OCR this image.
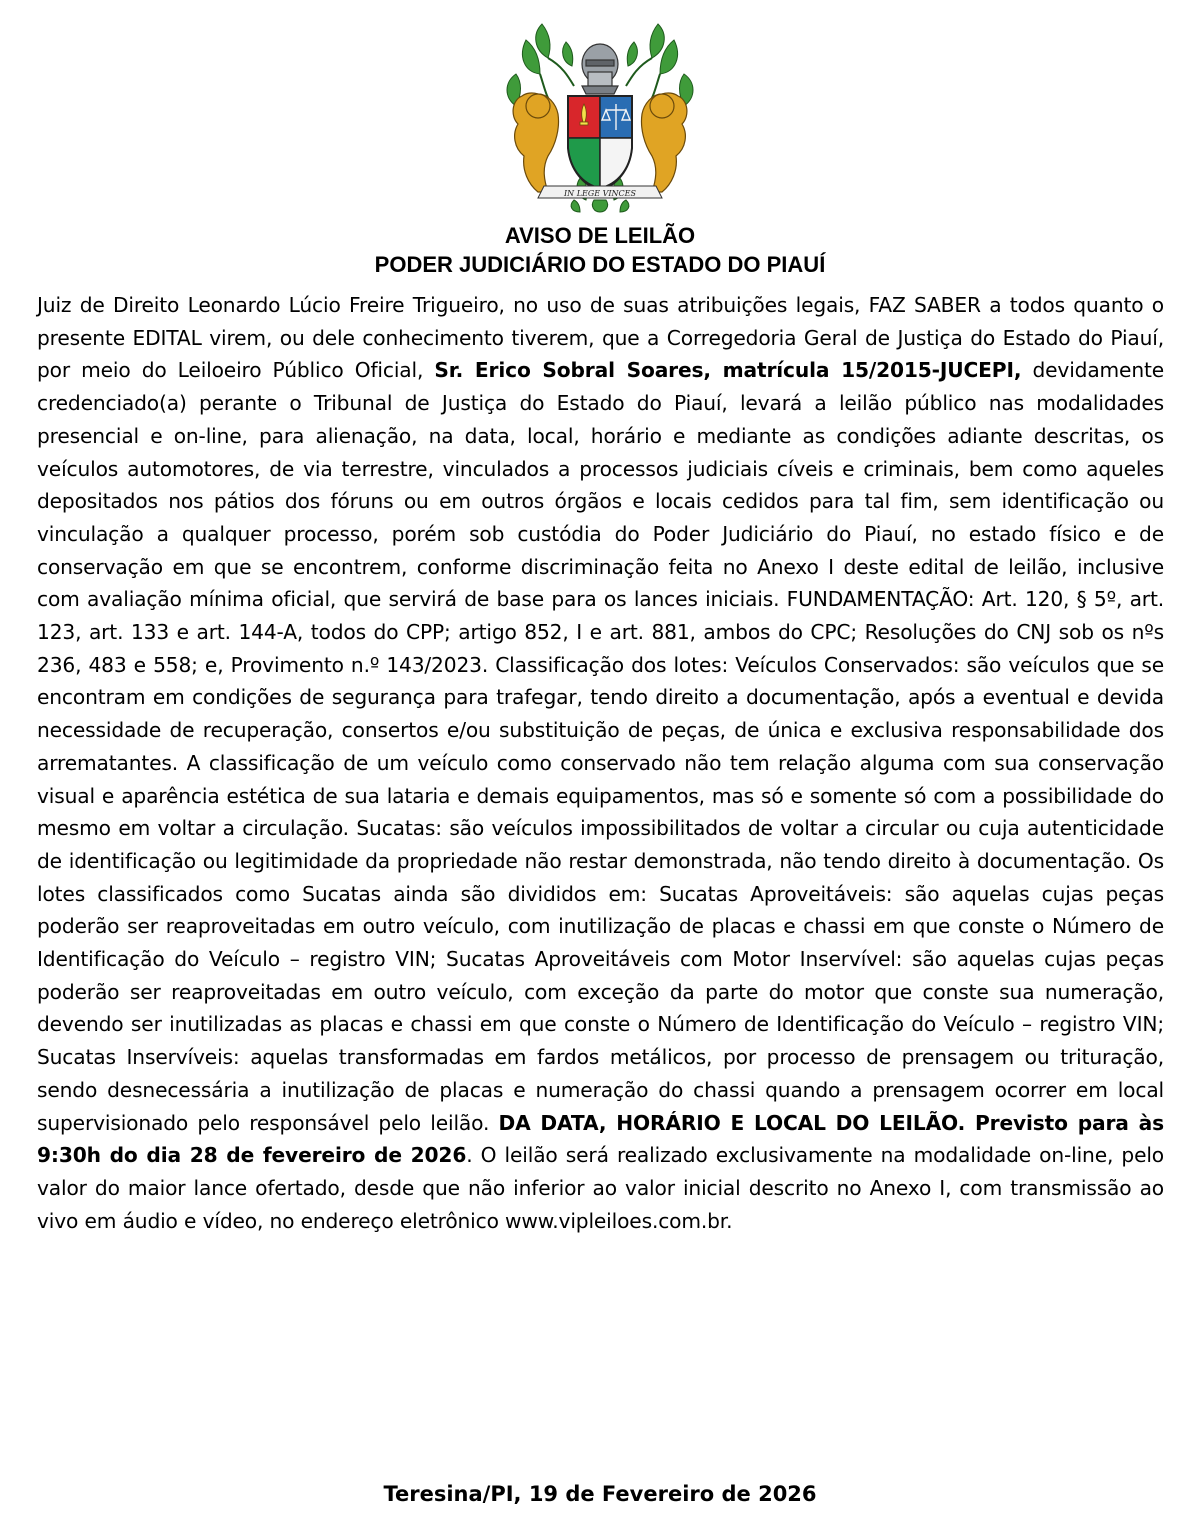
IN LEGE VINCES
AVISO DE LEILÃO
PODER JUDICIÁRIO DO ESTADO DO PIAUÍ
Juiz de Direito Leonardo Lúcio Freire Trigueiro, no uso de suas atribuições legais, FAZ SABER a todos quanto o presente EDITAL virem, ou dele conhecimento tiverem, que a Corregedoria Geral de Justiça do Estado do Piauí, por meio do Leiloeiro Público Oficial, Sr. Erico Sobral Soares, matrícula 15/2015-JUCEPI, devidamente credenciado(a) perante o Tribunal de Justiça do Estado do Piauí, levará a leilão público nas modalidades presencial e on-line, para alienação, na data, local, horário e mediante as condições adiante descritas, os veículos automotores, de via terrestre, vinculados a processos judiciais cíveis e criminais, bem como aqueles depositados nos pátios dos fóruns ou em outros órgãos e locais cedidos para tal fim, sem identificação ou vinculação a qualquer processo, porém sob custódia do Poder Judiciário do Piauí, no estado físico e de conservação em que se encontrem, conforme discriminação feita no Anexo I deste edital de leilão, inclusive com avaliação mínima oficial, que servirá de base para os lances iniciais. FUNDAMENTAÇÃO: Art. 120, § 5º, art. 123, art. 133 e art. 144-A, todos do CPP; artigo 852, I e art. 881, ambos do CPC; Resoluções do CNJ sob os nºs 236, 483 e 558; e, Provimento n.º 143/2023. Classificação dos lotes: Veículos Conservados: são veículos que se encontram em condições de segurança para trafegar, tendo direito a documentação, após a eventual e devida necessidade de recuperação, consertos e/ou substituição de peças, de única e exclusiva responsabilidade dos arrematantes. A classificação de um veículo como conservado não tem relação alguma com sua conservação visual e aparência estética de sua lataria e demais equipamentos, mas só e somente só com a possibilidade do mesmo em voltar a circulação. Sucatas: são veículos impossibilitados de voltar a circular ou cuja autenticidade de identificação ou legitimidade da propriedade não restar demonstrada, não tendo direito à documentação. Os lotes classificados como Sucatas ainda são divididos em: Sucatas Aproveitáveis: são aquelas cujas peças poderão ser reaproveitadas em outro veículo, com inutilização de placas e chassi em que conste o Número de Identificação do Veículo – registro VIN; Sucatas Aproveitáveis com Motor Inservível: são aquelas cujas peças poderão ser reaproveitadas em outro veículo, com exceção da parte do motor que conste sua numeração, devendo ser inutilizadas as placas e chassi em que conste o Número de Identificação do Veículo – registro VIN; Sucatas Inservíveis: aquelas transformadas em fardos metálicos, por processo de prensagem ou trituração, sendo desnecessária a inutilização de placas e numeração do chassi quando a prensagem ocorrer em local supervisionado pelo responsável pelo leilão. DA DATA, HORÁRIO E LOCAL DO LEILÃO. Previsto para às 9:30h do dia 28 de fevereiro de 2026. O leilão será realizado exclusivamente na modalidade on-line, pelo valor do maior lance ofertado, desde que não inferior ao valor inicial descrito no Anexo I, com transmissão ao vivo em áudio e vídeo, no endereço eletrônico www.vipleiloes.com.br.
Teresina/PI, 19 de Fevereiro de 2026
